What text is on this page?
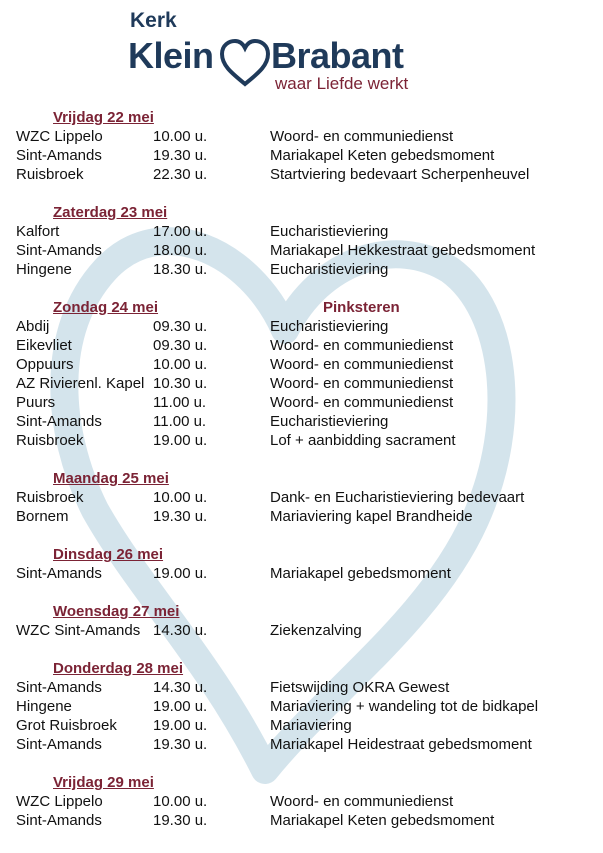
Kerk
Klein Brabant
waar Liefde werkt
Vrijdag 22 mei
WZC Lippelo	10.00 u.	Woord- en communiedienst
Sint-Amands	19.30 u.	Mariakapel Keten gebedsmoment
Ruisbroek	22.30 u.	Startviering bedevaart Scherpenheuvel
Zaterdag 23 mei
Kalfort	17.00 u.	Eucharistieviering
Sint-Amands	18.00 u.	Mariakapel Hekkestraat gebedsmoment
Hingene	18.30 u.	Eucharistieviering
Zondag 24 mei	Pinksteren
Abdij	09.30 u.	Eucharistieviering
Eikevliet	09.30 u.	Woord- en communiedienst
Oppuurs	10.00 u.	Woord- en communiedienst
AZ Rivierenl. Kapel 10.30 u.	Woord- en communiedienst
Puurs	11.00 u.	Woord- en communiedienst
Sint-Amands	11.00 u.	Eucharistieviering
Ruisbroek	19.00 u.	Lof + aanbidding sacrament
Maandag 25 mei
Ruisbroek	10.00 u.	Dank- en Eucharistieviering bedevaart
Bornem	19.30 u.	Mariaviering kapel Brandheide
Dinsdag 26 mei
Sint-Amands	19.00 u.	Mariakapel gebedsmoment
Woensdag 27 mei
WZC Sint-Amands 14.30 u.	Ziekenzalving
Donderdag 28 mei
Sint-Amands	14.30 u.	Fietswijding OKRA Gewest
Hingene	19.00 u.	Mariaviering + wandeling tot de bidkapel
Grot Ruisbroek	19.00 u.	Mariaviering
Sint-Amands	19.30 u.	Mariakapel Heidestraat gebedsmoment
Vrijdag 29 mei
WZC Lippelo	10.00 u.	Woord- en communiedienst
Sint-Amands	19.30 u.	Mariakapel Keten gebedsmoment
